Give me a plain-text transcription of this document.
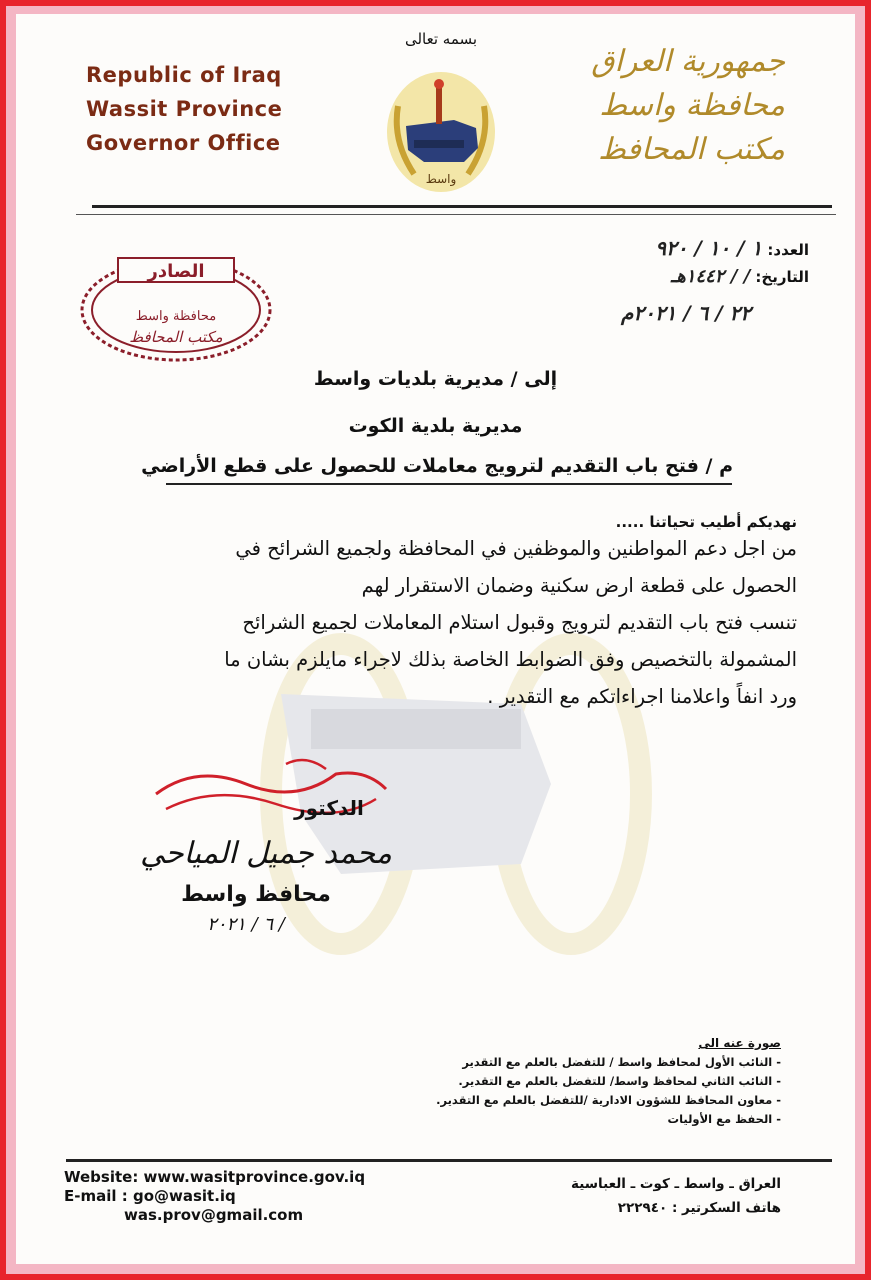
Republic of Iraq
Wassit Province
Governor Office
بسمه تعالى
واسط
جمهورية العراق
محافظة واسط
مكتب المحافظ
العدد: ١ / ١٠ / ٩٢٠
التاريخ: / / ١٤٤٢هـ
٢٢ / ٦ / ٢٠٢١م
الصادر
محافظة واسط
مكتب المحافظ
إلى / مديرية بلديات واسط
مديرية بلدية الكوت
م / فتح باب التقديم لترويج معاملات للحصول على قطع الأراضي
نهديكم أطيب تحياتنا .....
من اجل دعم المواطنين والموظفين في المحافظة ولجميع الشرائح في
الحصول على قطعة ارض سكنية وضمان الاستقرار لهم
تنسب فتح باب التقديم لترويج وقبول استلام المعاملات لجميع الشرائح
المشمولة بالتخصيص وفق الضوابط الخاصة بذلك لاجراء مايلزم بشان ما
ورد انفاً واعلامنا اجراءاتكم مع التقدير .
الدكتور
محمد جميل المياحي
محافظ واسط
/ ٦ / ٢٠٢١
صورة عنه الى
- النائب الأول لمحافظ واسط / للتفضل بالعلم مع التقدير
- النائب الثاني لمحافظ واسط/ للتفضل بالعلم مع التقدير.
- معاون المحافظ للشؤون الادارية /للتفضل بالعلم مع التقدير.
- الحفظ مع الأوليات
Website: www.wasitprovince.gov.iq
E-mail : go@wasit.iq
was.prov@gmail.com
العراق ـ واسط ـ كوت ـ العباسية
هاتف السكرتير : ٢٢٢٩٤٠
